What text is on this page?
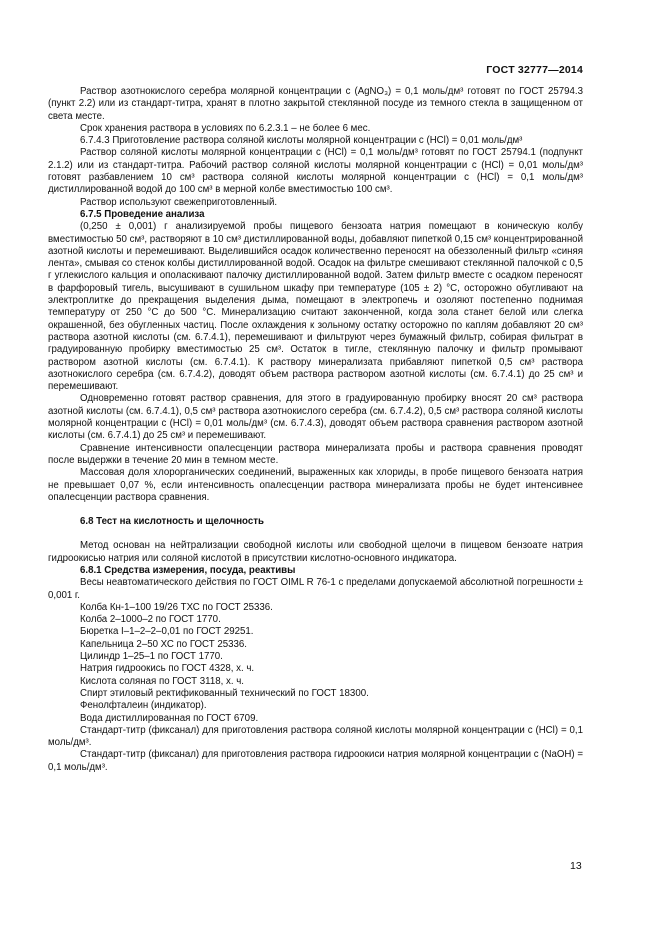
ГОСТ 32777—2014

Раствор азотнокислого серебра молярной концентрации с (AgNO₃) = 0,1 моль/дм³ готовят по ГОСТ 25794.3 (пункт 2.2) или из стандарт-титра, хранят в плотно закрытой стеклянной посуде из темного стекла в защищенном от света месте.

Срок хранения раствора в условиях по 6.2.3.1 – не более 6 мес.

6.7.4.3 Приготовление раствора соляной кислоты молярной концентрации с (HCl) = 0,01 моль/дм³

Раствор соляной кислоты молярной концентрации с (HCl) = 0,1 моль/дм³ готовят по ГОСТ 25794.1 (подпункт 2.1.2) или из стандарт-титра. Рабочий раствор соляной кислоты молярной концентрации с (HCl) = 0,01 моль/дм³ готовят разбавлением 10 см³ раствора соляной кислоты молярной концентрации с (HCl) = 0,1 моль/дм³ дистиллированной водой до 100 см³ в мерной колбе вместимостью 100 см³.

Раствор используют свежеприготовленный.

6.7.5 Проведение анализа

(0,250 ± 0,001) г анализируемой пробы пищевого бензоата натрия помещают в коническую колбу вместимостью 50 см³, растворяют в 10 см³ дистиллированной воды, добавляют пипеткой 0,15 см³ концентрированной азотной кислоты и перемешивают. Выделившийся осадок количественно переносят на обеззоленный фильтр «синяя лента», смывая со стенок колбы дистиллированной водой. Осадок на фильтре смешивают стеклянной палочкой с 0,5 г углекислого кальция и ополаскивают палочку дистиллированной водой. Затем фильтр вместе с осадком переносят в фарфоровый тигель, высушивают в сушильном шкафу при температуре (105 ± 2) °C, осторожно обугливают на электроплитке до прекращения выделения дыма, помещают в электропечь и озоляют постепенно поднимая температуру от 250 °C до 500 °C. Минерализацию считают законченной, когда зола станет белой или слегка окрашенной, без обугленных частиц. После охлаждения к зольному остатку осторожно по каплям добавляют 20 см³ раствора азотной кислоты (см. 6.7.4.1), перемешивают и фильтруют через бумажный фильтр, собирая фильтрат в градуированную пробирку вместимостью 25 см³. Остаток в тигле, стеклянную палочку и фильтр промывают раствором азотной кислоты (см. 6.7.4.1). К раствору минерализата прибавляют пипеткой 0,5 см³ раствора азотнокислого серебра (см. 6.7.4.2), доводят объем раствора раствором азотной кислоты (см. 6.7.4.1) до 25 см³ и перемешивают.

Одновременно готовят раствор сравнения, для этого в градуированную пробирку вносят 20 см³ раствора азотной кислоты (см. 6.7.4.1), 0,5 см³ раствора азотнокислого серебра (см. 6.7.4.2), 0,5 см³ раствора соляной кислоты молярной концентрации с (HCl) = 0,01 моль/дм³ (см. 6.7.4.3), доводят объем раствора сравнения раствором азотной кислоты (см. 6.7.4.1) до 25 см³ и перемешивают.

Сравнение интенсивности опалесценции раствора минерализата пробы и раствора сравнения проводят после выдержки в течение 20 мин в темном месте.

Массовая доля хлорорганических соединений, выраженных как хлориды, в пробе пищевого бензоата натрия не превышает 0,07 %, если интенсивность опалесценции раствора минерализата пробы не будет интенсивнее опалесценции раствора сравнения.

6.8 Тест на кислотность и щелочность

Метод основан на нейтрализации свободной кислоты или свободной щелочи в пищевом бензоате натрия гидроокисью натрия или соляной кислотой в присутствии кислотно-основного индикатора.

6.8.1 Средства измерения, посуда, реактивы

Весы неавтоматического действия по ГОСТ OIML R 76-1 с пределами допускаемой абсолютной погрешности ± 0,001 г.

Колба Кн-1–100 19/26 ТХС по ГОСТ 25336.

Колба 2–1000–2 по ГОСТ 1770.

Бюретка I–1–2–2–0,01 по ГОСТ 29251.

Капельница 2–50 ХС по ГОСТ 25336.

Цилиндр 1–25–1 по ГОСТ 1770.

Натрия гидроокись по ГОСТ 4328, х. ч.

Кислота соляная по ГОСТ 3118, х. ч.

Спирт этиловый ректификованный технический по ГОСТ 18300.

Фенолфталеин (индикатор).

Вода дистиллированная по ГОСТ 6709.

Стандарт-титр (фиксанал) для приготовления раствора соляной кислоты молярной концентрации с (HCl) = 0,1 моль/дм³.

Стандарт-титр (фиксанал) для приготовления раствора гидроокиси натрия молярной концентрации с (NaOH) = 0,1 моль/дм³.

13
